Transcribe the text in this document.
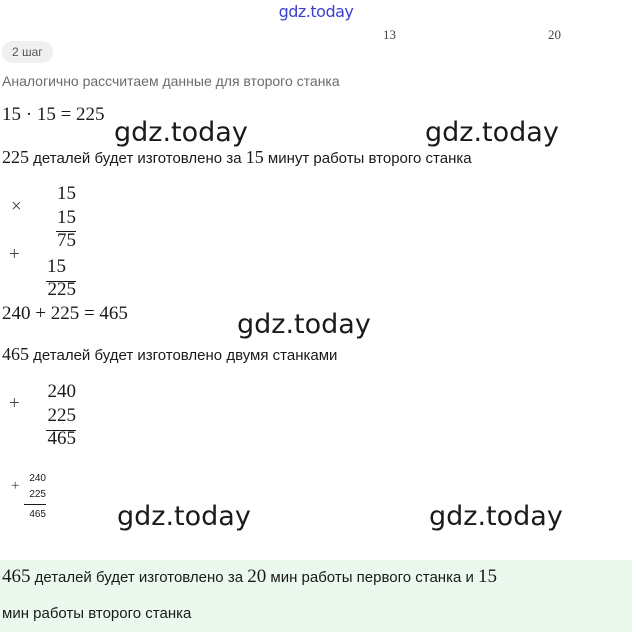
gdz.today
13	20
2 шаг
Аналогично рассчитаем данные для второго станка
15 · 15 = 225
gdz.today	gdz.today
225 деталей будет изготовлено за 15 минут работы второго станка
×
15
15
75
+
15
225
240 + 225 = 465	gdz.today
465 деталей будет изготовлено двумя станками
+
240
225
465
+ 240
225
465	gdz.today	gdz.today
465 деталей будет изготовлено за 20 мин работы первого станка и 15
мин работы второго станка
